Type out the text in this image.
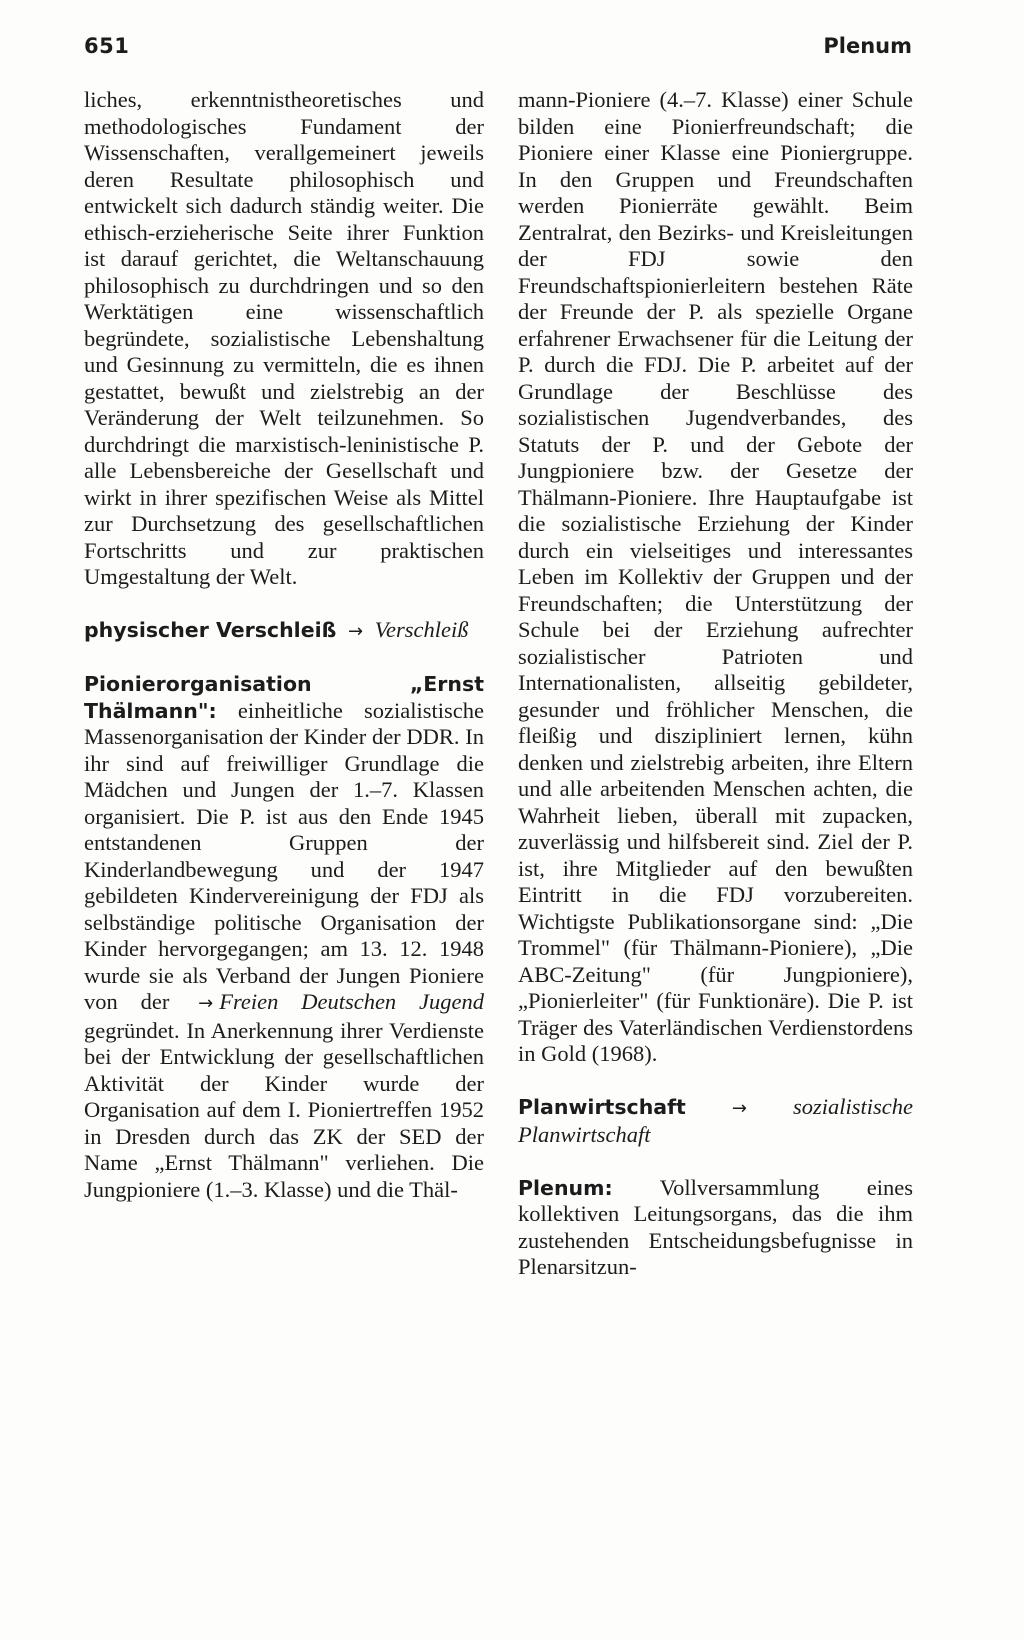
651	Plenum

liches, erkenntnistheoretisches und methodologisches Fundament der Wissenschaften, verallgemeinert jeweils deren Resultate philosophisch und entwickelt sich dadurch ständig weiter. Die ethisch-erzieherische Seite ihrer Funktion ist darauf gerichtet, die Weltanschauung philosophisch zu durchdringen und so den Werktätigen eine wissenschaftlich begründete, sozialistische Lebenshaltung und Gesinnung zu vermitteln, die es ihnen gestattet, bewußt und zielstrebig an der Veränderung der Welt teilzunehmen. So durchdringt die marxistisch-leninistische P. alle Lebensbereiche der Gesellschaft und wirkt in ihrer spezifischen Weise als Mittel zur Durchsetzung des gesellschaftlichen Fortschritts und zur praktischen Umgestaltung der Welt.

physischer Verschleiß → Verschleiß

Pionierorganisation „Ernst Thälmann": einheitliche sozialistische Massenorganisation der Kinder der DDR. In ihr sind auf freiwilliger Grundlage die Mädchen und Jungen der 1.–7. Klassen organisiert. Die P. ist aus den Ende 1945 entstandenen Gruppen der Kinderlandbewegung und der 1947 gebildeten Kindervereinigung der FDJ als selbständige politische Organisation der Kinder hervorgegangen; am 13. 12. 1948 wurde sie als Verband der Jungen Pioniere von der → Freien Deutschen Jugend gegründet. In Anerkennung ihrer Verdienste bei der Entwicklung der gesellschaftlichen Aktivität der Kinder wurde der Organisation auf dem I. Pioniertreffen 1952 in Dresden durch das ZK der SED der Name „Ernst Thälmann" verliehen. Die Jungpioniere (1.–3. Klasse) und die Thäl-

mann-Pioniere (4.–7. Klasse) einer Schule bilden eine Pionierfreundschaft; die Pioniere einer Klasse eine Pioniergruppe. In den Gruppen und Freundschaften werden Pionierräte gewählt. Beim Zentralrat, den Bezirks- und Kreisleitungen der FDJ sowie den Freundschaftspionierleitern bestehen Räte der Freunde der P. als spezielle Organe erfahrener Erwachsener für die Leitung der P. durch die FDJ. Die P. arbeitet auf der Grundlage der Beschlüsse des sozialistischen Jugendverbandes, des Statuts der P. und der Gebote der Jungpioniere bzw. der Gesetze der Thälmann-Pioniere. Ihre Hauptaufgabe ist die sozialistische Erziehung der Kinder durch ein vielseitiges und interessantes Leben im Kollektiv der Gruppen und der Freundschaften; die Unterstützung der Schule bei der Erziehung aufrechter sozialistischer Patrioten und Internationalisten, allseitig gebildeter, gesunder und fröhlicher Menschen, die fleißig und diszipliniert lernen, kühn denken und zielstrebig arbeiten, ihre Eltern und alle arbeitenden Menschen achten, die Wahrheit lieben, überall mit zupacken, zuverlässig und hilfsbereit sind. Ziel der P. ist, ihre Mitglieder auf den bewußten Eintritt in die FDJ vorzubereiten. Wichtigste Publikationsorgane sind: „Die Trommel" (für Thälmann-Pioniere), „Die ABC-Zeitung" (für Jungpioniere), „Pionierleiter" (für Funktionäre). Die P. ist Träger des Vaterländischen Verdienstordens in Gold (1968).

Planwirtschaft	→ sozialistische Planwirtschaft

Plenum: Vollversammlung eines kollektiven Leitungsorgans, das die ihm zustehenden Entscheidungsbefugnisse in Plenarsitzun-
